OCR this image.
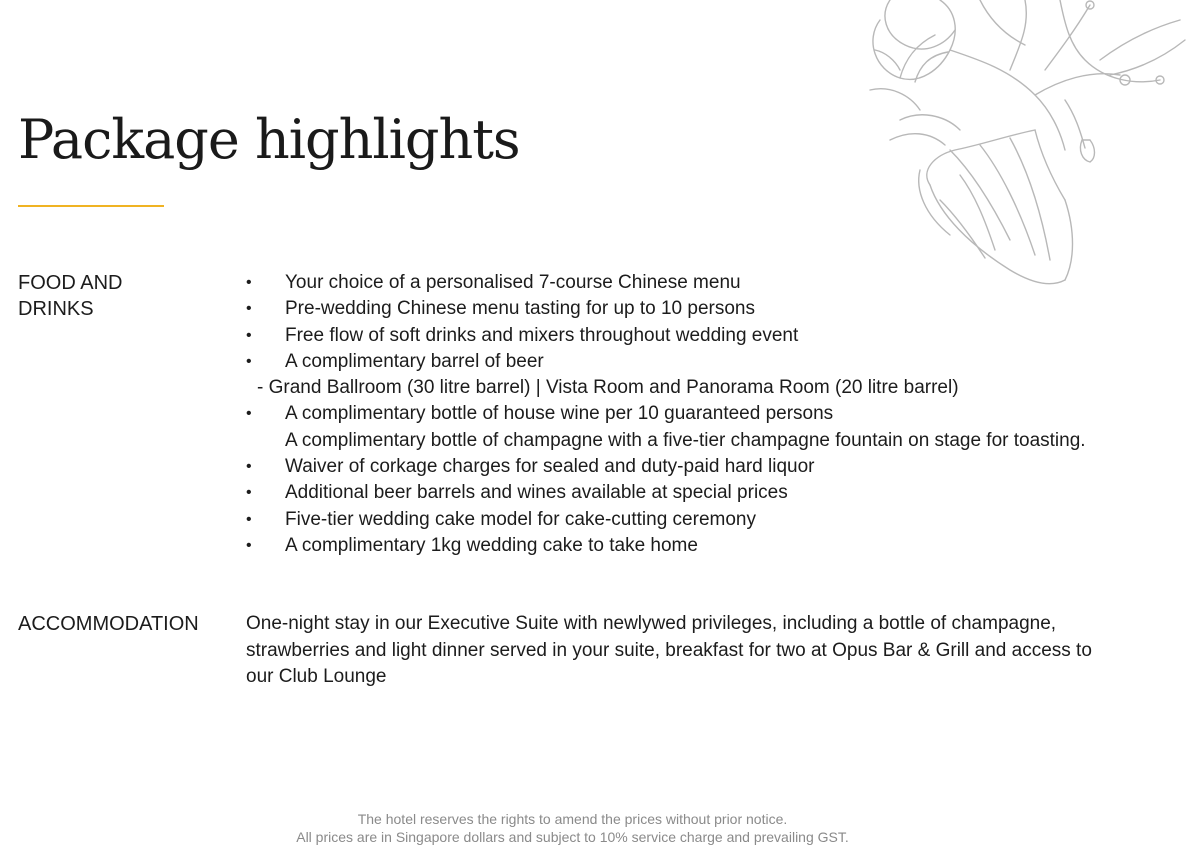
Package highlights
FOOD AND
DRINKS
• Your choice of a personalised 7-course Chinese menu
• Pre-wedding Chinese menu tasting for up to 10 persons
• Free flow of soft drinks and mixers throughout wedding event
• A complimentary barrel of beer
- Grand Ballroom (30 litre barrel) | Vista Room and Panorama Room (20 litre barrel)
• A complimentary bottle of house wine per 10 guaranteed persons
A complimentary bottle of champagne with a five-tier champagne fountain on stage for toasting.
• Waiver of corkage charges for sealed and duty-paid hard liquor
• Additional beer barrels and wines available at special prices
• Five-tier wedding cake model for cake-cutting ceremony
• A complimentary 1kg wedding cake to take home
ACCOMMODATION	One-night stay in our Executive Suite with newlywed privileges, including a bottle of champagne, strawberries and light dinner served in your suite, breakfast for two at Opus Bar & Grill and access to our Club Lounge

The hotel reserves the rights to amend the prices without prior notice.
All prices are in Singapore dollars and subject to 10% service charge and prevailing GST.
